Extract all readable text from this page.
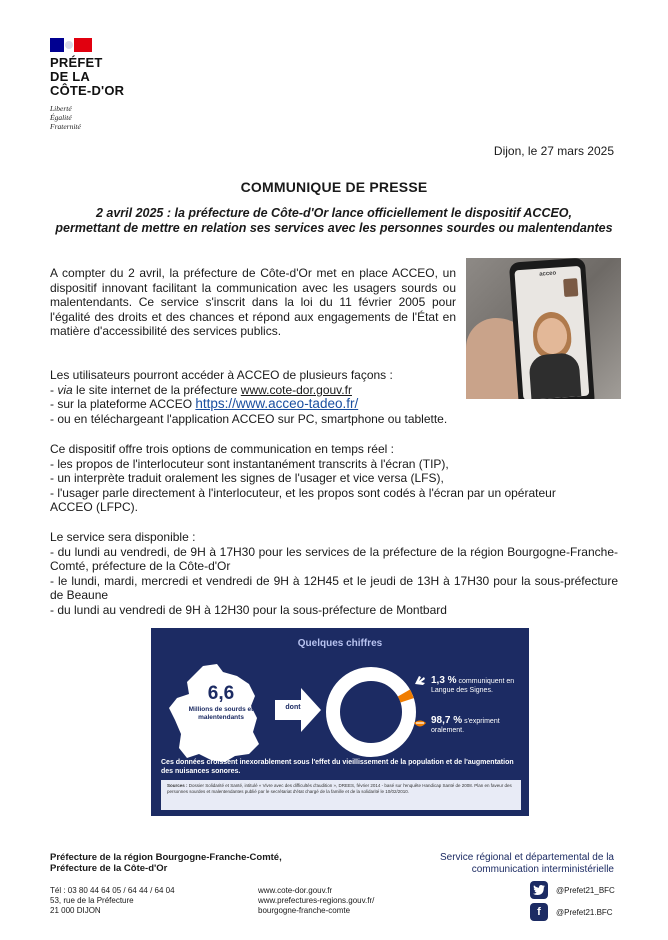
PRÉFET
DE LA
CÔTE-D'OR
Liberté
Égalité
Fraternité
Dijon, le 27 mars 2025
COMMUNIQUE DE PRESSE
2 avril 2025 : la préfecture de Côte-d'Or lance officiellement le dispositif ACCEO,
permettant de mettre en relation ses services avec les personnes sourdes ou malentendantes

A compter du 2 avril, la préfecture de Côte-d'Or met en place ACCEO, un dispositif innovant facilitant la communication avec les usagers sourds ou malentendants. Ce service s'inscrit dans la loi du 11 février 2005 pour l'égalité des droits et des chances et répond aux engagements de l'État en matière d'accessibilité des services publics.

acceo
Les utilisateurs pourront accéder à ACCEO de plusieurs façons :
- via le site internet de la préfecture www.cote-dor.gouv.fr
- sur la plateforme ACCEO https://www.acceo-tadeo.fr/
- ou en téléchargeant l'application ACCEO sur PC, smartphone ou tablette.
Ce dispositif offre trois options de communication en temps réel :
- les propos de l'interlocuteur sont instantanément transcrits à l'écran (TIP),
- un interprète traduit oralement les signes de l'usager et vice versa (LFS),
- l'usager parle directement à l'interlocuteur, et les propos sont codés à l'écran par un opérateur
ACCEO (LFPC).
Le service sera disponible :
- du lundi au vendredi, de 9H à 17H30 pour les services de la préfecture de la région Bourgogne-Franche-Comté, préfecture de la Côte-d'Or
- le lundi, mardi, mercredi et vendredi de 9H à 12H45 et le jeudi de 13H à 17H30 pour la sous-préfecture de Beaune
- du lundi au vendredi de 9H à 12H30 pour la sous-préfecture de Montbard
Quelques chiffres
6,6
Millions de sourds et malentendants
dont
1,3 % communiquent en Langue des Signes.
98,7 % s'expriment oralement.
Ces données croissent inexorablement sous l'effet du vieillissement de la population et de l'augmentation des nuisances sonores.
Sources : Dossier Solidarité et Santé, intitulé « Vivre avec des difficultés d'audition », DREES, février 2014 - basé sur l'enquête Handicap Santé de 2008. Plan en faveur des personnes sourdes et malentendantes publié par le secrétariat d'état chargé de la famille et de la solidarité le 10/02/2010.
Préfecture de la région Bourgogne-Franche-Comté,
Préfecture de la Côte-d'Or
Service régional et départemental de la
communication interministérielle
Tél : 03 80 44 64 05 / 64 44 / 64 04
53, rue de la Préfecture
21 000 DIJON
www.cote-dor.gouv.fr
www.prefectures-regions.gouv.fr/
bourgogne-franche-comte
@Prefet21_BFC
f	@Prefet21.BFC
